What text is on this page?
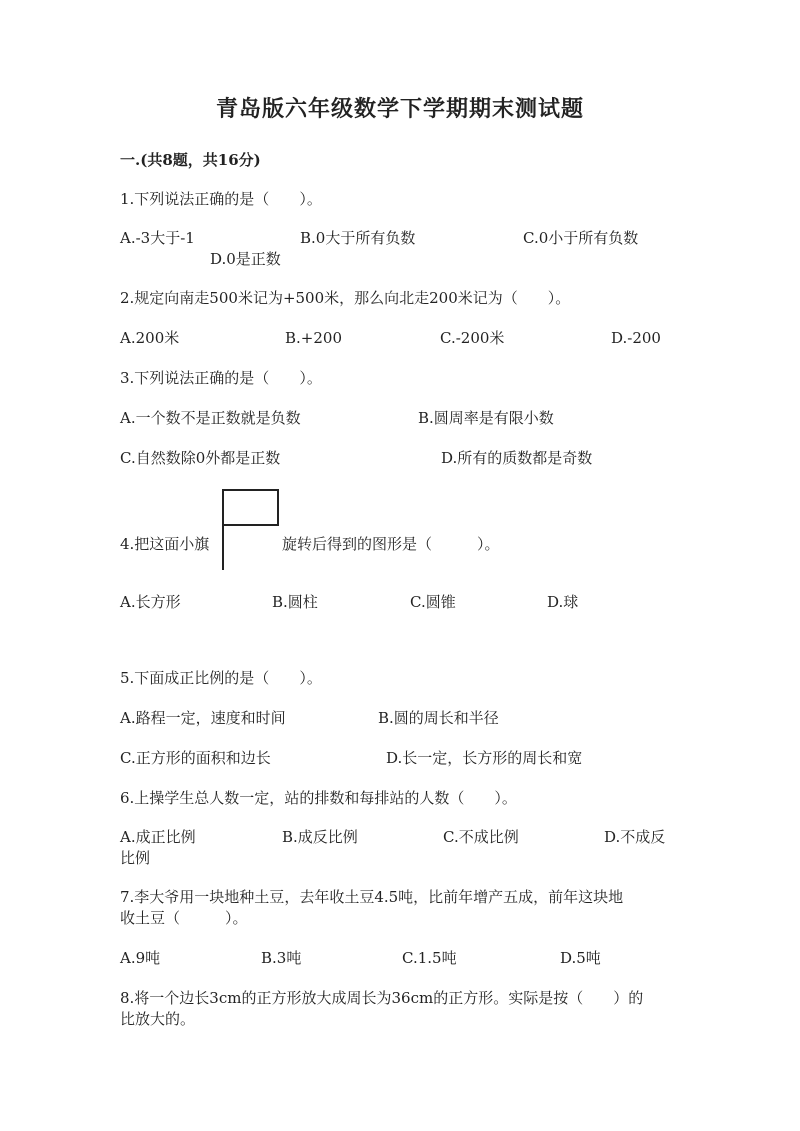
青岛版六年级数学下学期期末测试题
一.(共8题，共16分)
1.下列说法正确的是（　　）。
A.-3大于-1	B.0大于所有负数	C.0小于所有负数
D.0是正数
2.规定向南走500米记为+500米，那么向北走200米记为（　　）。
A.200米	B.+200	C.-200米	D.-200
3.下列说法正确的是（　　）。
A.一个数不是正数就是负数	B.圆周率是有限小数
C.自然数除0外都是正数	D.所有的质数都是奇数
4.把这面小旗	旋转后得到的图形是（　　　）。
A.长方形	B.圆柱	C.圆锥	D.球
5.下面成正比例的是（　　）。
A.路程一定，速度和时间	B.圆的周长和半径
C.正方形的面积和边长	D.长一定，长方形的周长和宽
6.上操学生总人数一定，站的排数和每排站的人数（　　）。
A.成正比例	B.成反比例	C.不成比例	D.不成反
比例
7.李大爷用一块地种土豆，去年收土豆4.5吨，比前年增产五成，前年这块地
收土豆（　　　）。
A.9吨	B.3吨	C.1.5吨	D.5吨
8.将一个边长3cm的正方形放大成周长为36cm的正方形。实际是按（　　）的
比放大的。
